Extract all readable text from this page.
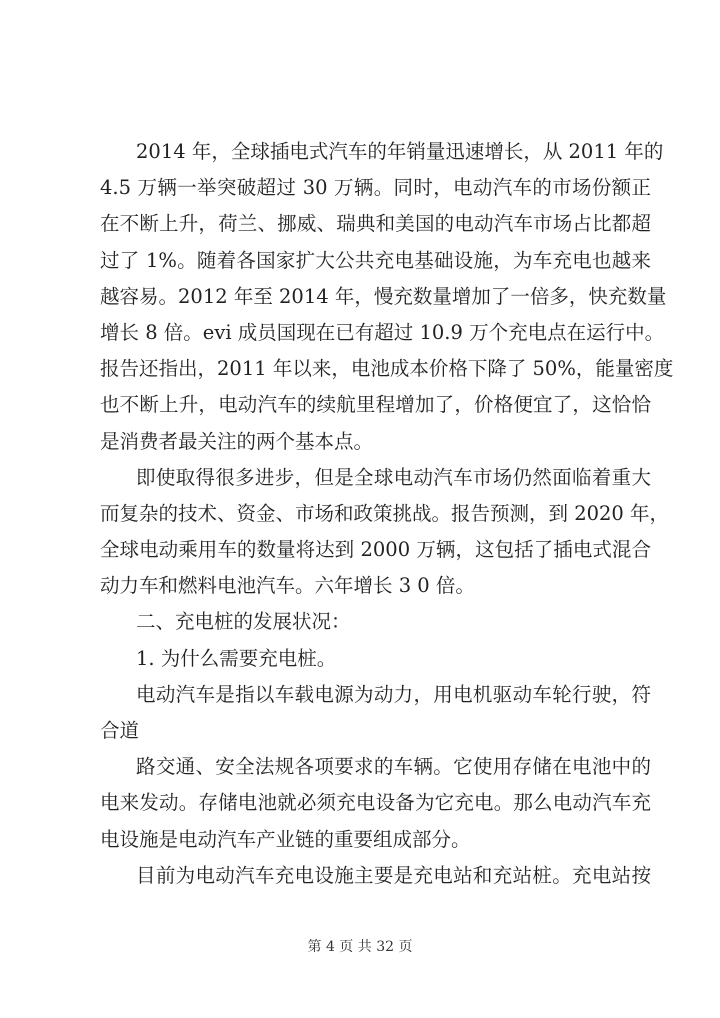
2014 年，全球插电式汽车的年销量迅速增长，从 2011 年的
4.5 万辆一举突破超过 30 万辆。同时，电动汽车的市场份额正
在不断上升，荷兰、挪威、瑞典和美国的电动汽车市场占比都超
过了 1%。随着各国家扩大公共充电基础设施，为车充电也越来
越容易。2012 年至 2014 年，慢充数量增加了一倍多，快充数量
增长 8 倍。evi 成员国现在已有超过 10.9 万个充电点在运行中。
报告还指出，2011 年以来，电池成本价格下降了 50%，能量密度
也不断上升，电动汽车的续航里程增加了，价格便宜了，这恰恰
是消费者最关注的两个基本点。
即使取得很多进步，但是全球电动汽车市场仍然面临着重大
而复杂的技术、资金、市场和政策挑战。报告预测，到 2020 年，
全球电动乘用车的数量将达到 2000 万辆，这包括了插电式混合
动力车和燃料电池汽车。六年增长 3 0 倍。
二、充电桩的发展状况：
1. 为什么需要充电桩。
电动汽车是指以车载电源为动力，用电机驱动车轮行驶，符
合道
路交通、安全法规各项要求的车辆。它使用存储在电池中的
电来发动。存储电池就必须充电设备为它充电。那么电动汽车充
电设施是电动汽车产业链的重要组成部分。
目前为电动汽车充电设施主要是充电站和充站桩。充电站按
第 4 页 共 32 页
